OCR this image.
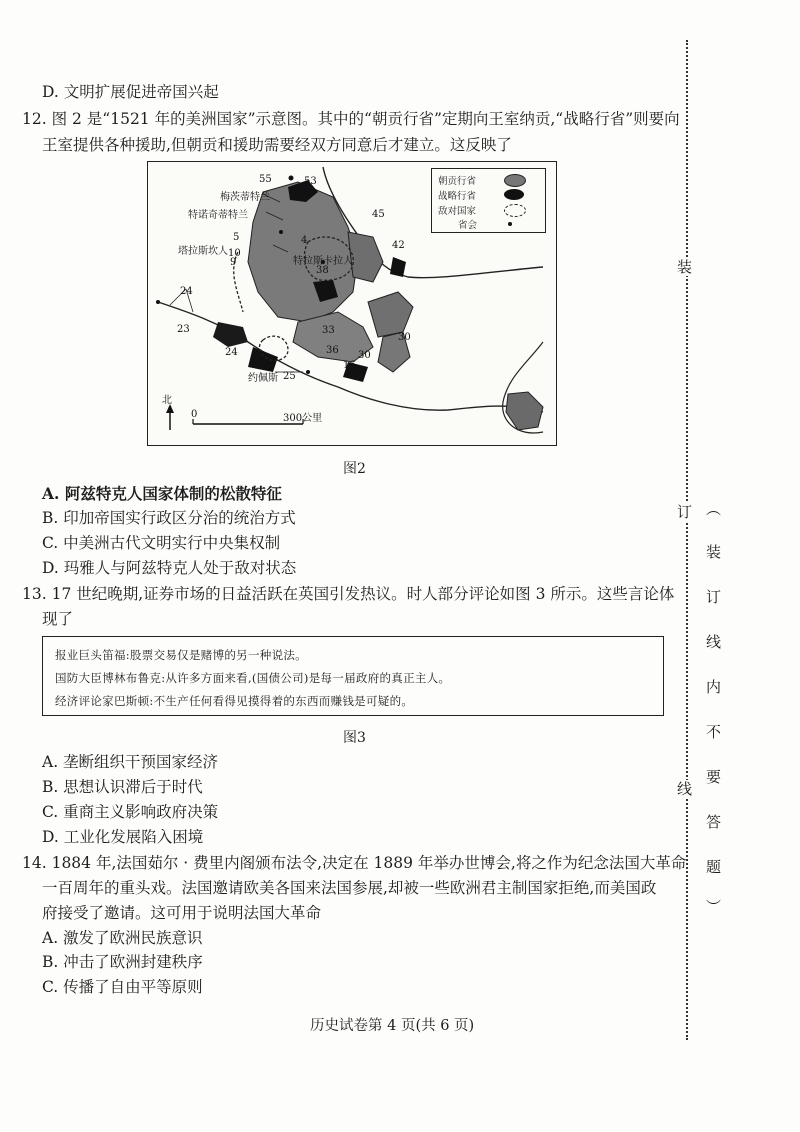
D. 文明扩展促进帝国兴起
12. 图 2 是“1521 年的美洲国家”示意图。其中的“朝贡行省”定期向王室纳贡,“战略行省”则要向
王室提供各种援助,但朝贡和援助需要经双方同意后才建立。这反映了
朝贡行省
战略行省
敌对国家
省会
55	53
梅茨蒂特兰
特诺奇蒂特兰	45
5
塔拉斯坎人 10
4	42
9	特拉斯卡拉人
38
24
23	33
30
24	36 30
16
约佩斯 25
北
0	300公里
图2
A. 阿兹特克人国家体制的松散特征
B. 印加帝国实行政区分治的统治方式
C. 中美洲古代文明实行中央集权制
D. 玛雅人与阿兹特克人处于敌对状态
13. 17 世纪晚期,证券市场的日益活跃在英国引发热议。时人部分评论如图 3 所示。这些言论体
现了
报业巨头笛福:股票交易仅是赌博的另一种说法。
国防大臣博林布鲁克:从许多方面来看,(国债公司)是每一届政府的真正主人。
经济评论家巴斯顿:不生产任何看得见摸得着的东西而赚钱是可疑的。
图3
A. 垄断组织干预国家经济
B. 思想认识滞后于时代
C. 重商主义影响政府决策
D. 工业化发展陷入困境
14. 1884 年,法国茹尔 · 费里内阁颁布法令,决定在 1889 年举办世博会,将之作为纪念法国大革命
一百周年的重头戏。法国邀请欧美各国来法国参展,却被一些欧洲君主制国家拒绝,而美国政
府接受了邀请。这可用于说明法国大革命
A. 激发了欧洲民族意识
B. 冲击了欧洲封建秩序
C. 传播了自由平等原则
装
订
线
︵
装
订
线
内
不
要
答
题
︶
历史试卷第 4 页(共 6 页)
